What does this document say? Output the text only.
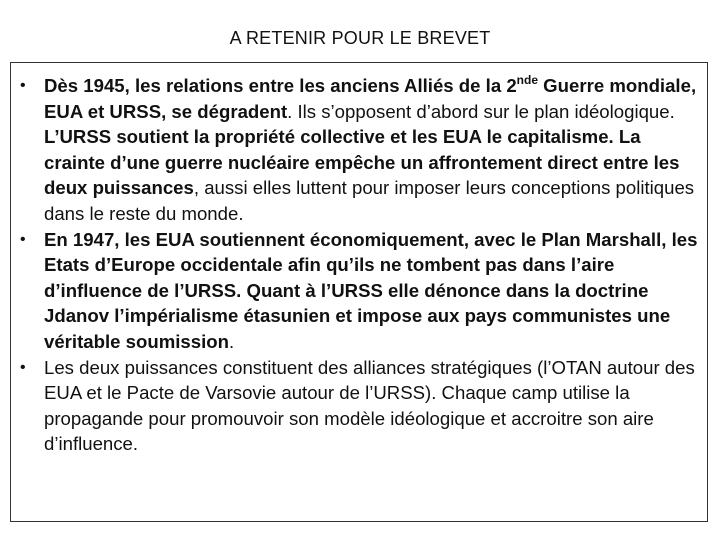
A RETENIR POUR LE BREVET
• Dès 1945, les relations entre les anciens Alliés de la 2nde Guerre mondiale, EUA et URSS, se dégradent. Ils s’opposent d’abord sur le plan idéologique. L’URSS soutient la propriété collective et les EUA le capitalisme. La crainte d’une guerre nucléaire empêche un affrontement direct entre les deux puissances, aussi elles luttent pour imposer leurs conceptions politiques dans le reste du monde.
• En 1947, les EUA soutiennent économiquement, avec le Plan Marshall, les Etats d’Europe occidentale afin qu’ils ne tombent pas dans l’aire d’influence de l’URSS. Quant à l’URSS elle dénonce dans la doctrine Jdanov l’impérialisme étasunien et impose aux pays communistes une véritable soumission.
• Les deux puissances constituent des alliances stratégiques (l’OTAN autour des EUA et le Pacte de Varsovie autour de l’URSS). Chaque camp utilise la propagande pour promouvoir son modèle idéologique et accroitre son aire d’influence.
